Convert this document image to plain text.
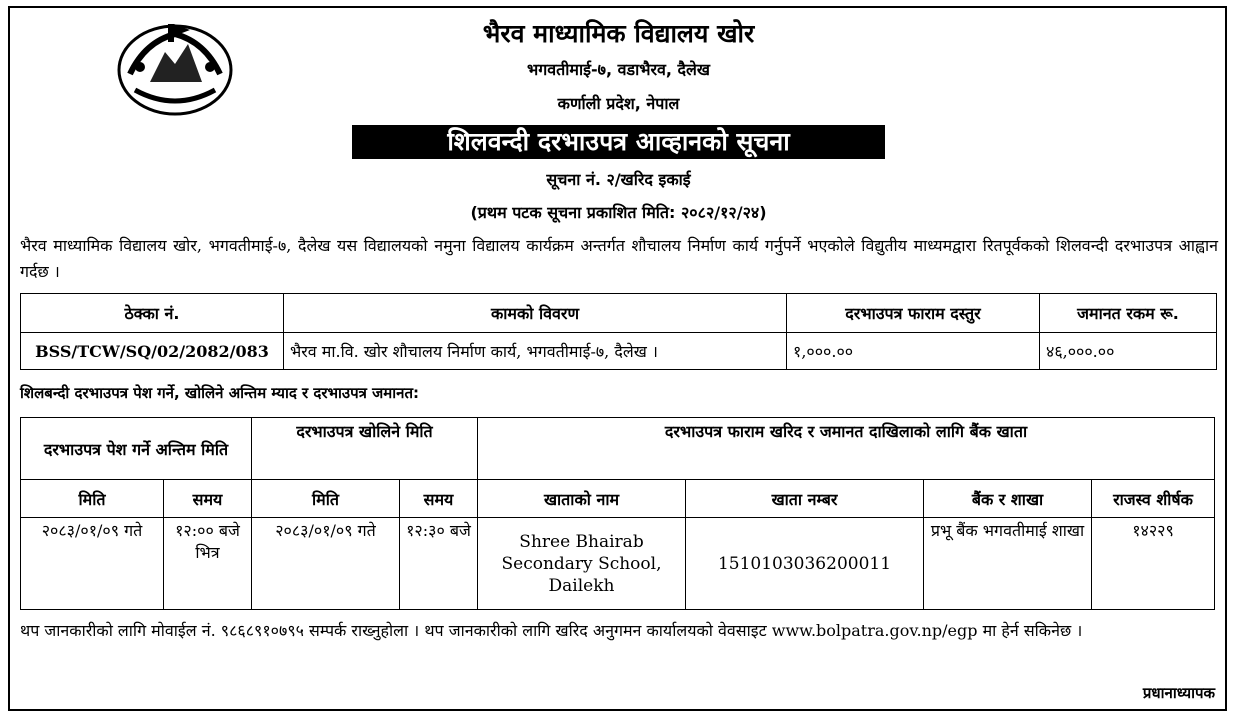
भैरव माध्यामिक विद्यालय खोर
भगवतीमाई-७, वडाभैरव, दैलेख
कर्णाली प्रदेश, नेपाल
शिलवन्दी दरभाउपत्र आव्हानको सूचना
सूचना नं. २/खरिद इकाई
(प्रथम पटक सूचना प्रकाशित मिति: २०८२/१२/२४)
भैरव माध्यामिक विद्यालय खोर, भगवतीमाई-७, दैलेख यस विद्यालयको नमुना विद्यालय कार्यक्रम अन्तर्गत शौचालय निर्माण कार्य गर्नुपर्ने भएकोले विद्युतीय माध्यमद्वारा रितपूर्वकको शिलवन्दी दरभाउपत्र आह्वान गर्दछ ।
ठेक्का नं.	कामको विवरण	दरभाउपत्र फाराम दस्तुर	जमानत रकम रू.
BSS/TCW/SQ/02/2082/083	भैरव मा.वि. खोर शौचालय निर्माण कार्य, भगवतीमाई-७, दैलेख ।	१,०००.००	४६,०००.००
शिलबन्दी दरभाउपत्र पेश गर्ने, खोलिने अन्तिम म्याद र दरभाउपत्र जमानत:
दरभाउपत्र पेश गर्ने अन्तिम मिति		दरभाउपत्र खोलिने मिति		दरभाउपत्र फाराम खरिद र जमानत दाखिलाको लागि बैंक खाता			
मिति	समय	मिति	समय	खाताको नाम	खाता नम्बर	बैंक र शाखा	राजस्व शीर्षक
२०८३/०१/०९ गते	१२:०० बजे भित्र	२०८३/०१/०९ गते	१२:३० बजे	Shree Bhairab Secondary School, Dailekh	1510103036200011	प्रभू बैंक भगवतीमाई शाखा	१४२२९
थप जानकारीको लागि मोवाईल नं. ९८६८९१०७९५ सम्पर्क राख्नुहोला । थप जानकारीको लागि खरिद अनुगमन कार्यालयको वेवसाइट www.bolpatra.gov.np/egp मा हेर्न सकिनेछ ।
प्रधानाध्यापक
